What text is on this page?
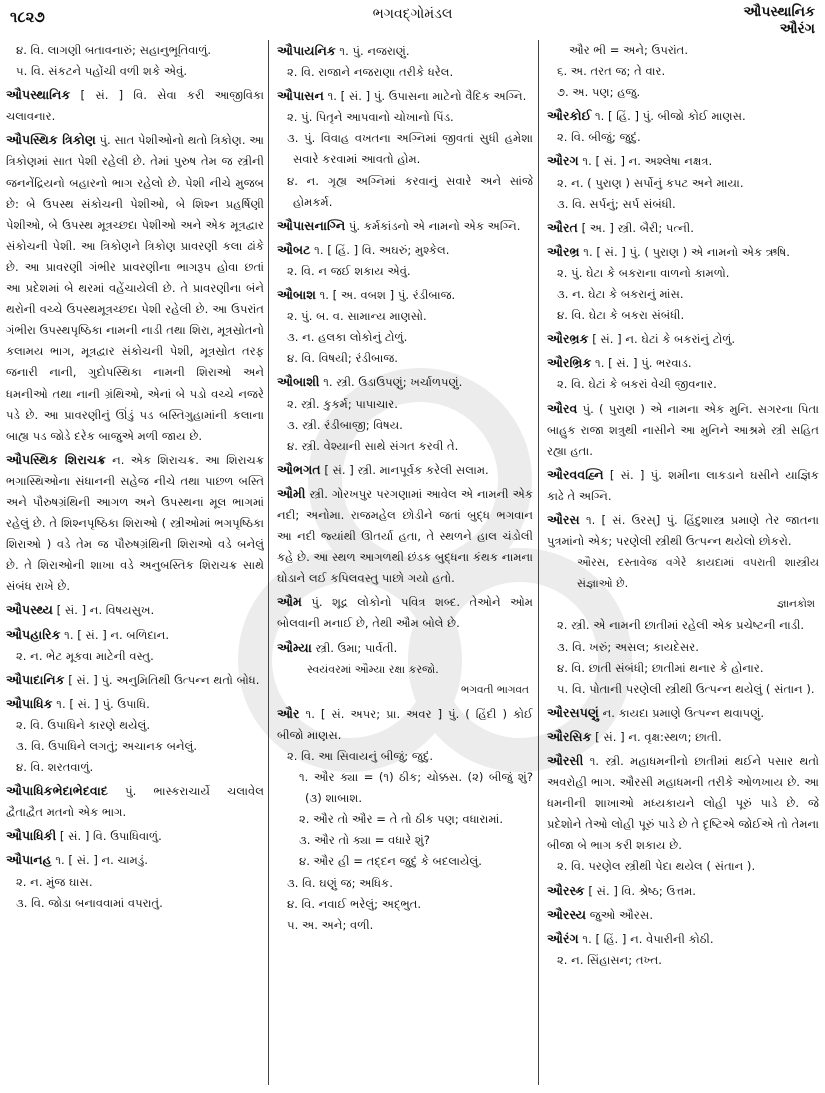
૧૮૨૭	ભગવદ્ગોમંડલ	ઔપસ્થાનિક
ઔરંગ

૪. વિ. લાગણી બતાવનારું; સહાનુભૂતિવાળું.

૫. વિ. સંકટને પહોંચી વળી શકે એવું.

ઔપસ્થાનિક [ સં. ] વિ. સેવા કરી આજીવિકા ચલાવનાર.

ઔપસ્થિક ત્રિકોણ પું. સાત પેશીઓનો થતો ત્રિકોણ. આ ત્રિકોણમાં સાત પેશી રહેલી છે. તેમાં પુરુષ તેમ જ સ્ત્રીની જનનેંદ્રિયનો બહારનો ભાગ રહેલો છે. પેશી નીચે મુજબ છે: બે ઉપસ્થ સંકોચની પેશીઓ, બે શિશ્ન પ્રહર્ષિણી પેશીઓ, બે ઉપસ્થ મૂત્રચ્છદા પેશીઓ અને એક મૂત્રદ્વાર સંકોચની પેશી. આ ત્રિકોણને ત્રિકોણ પ્રાવરણી કલા ઢાંકે છે. આ પ્રાવરણી ગંભીર પ્રાવરણીના ભાગરૂપ હોવા છતાં આ પ્રદેશમાં બે થરમાં વહેંચાયેલી છે. તે પ્રાવરણીના બંને થરોની વચ્ચે ઉપસ્થમૂત્રચ્છદા પેશી રહેલી છે. આ ઉપરાંત ગંભીરા ઉપસ્થપૃષ્ઠિકા નામની નાડી તથા શિરા, મૂત્રસ્રોતનો કલામય ભાગ, મૂત્રદ્વાર સંકોચની પેશી, મૂત્રસ્રોત તરફ જનારી નાની, ગુદોપસ્થિકા નામની શિરાઓ અને ધમનીઓ તથા નાની ગ્રંથિઓ, એનાં બે પડો વચ્ચે નજરે પડે છે. આ પ્રાવરણીનું ઊંડું પડ બસ્તિગુહામાંની કલાના બાહ્ય પડ જોડે દરેક બાજુએ મળી જાય છે.

ઔપસ્થિક શિરાચક્ર ન. એક શિરાચક્ર. આ શિરાચક્ર ભગાસ્થિઓના સંધાનની સહેજ નીચે તથા પાછળ બસ્તિ અને પૌરુષગ્રંથિની આગળ અને ઉપસ્થના મૂલ ભાગમાં રહેલું છે. તે શિશ્નપૃષ્ઠિકા શિરાઓ ( સ્ત્રીઓમાં ભગપૃષ્ઠિકા શિરાઓ ) વડે તેમ જ પૌરુષગ્રંથિની શિરાઓ વડે બનેલું છે. તે શિરાઓની શાખા વડે અનુબસ્તિક શિરાચક્ર સાથે સંબંધ રાખે છે.

ઔપસ્થ્ય [ સં. ] ન. વિષયસુખ.

ઔપહારિક ૧. [ સં. ] ન. બળિદાન.

૨. ન. ભેટ મૂકવા માટેની વસ્તુ.

ઔપાદાનિક [ સં. ] પું. અનુમિતિથી ઉત્પન્ન થતો બોધ.

ઔપાધિક ૧. [ સં. ] પું. ઉપાધિ.

૨. વિ. ઉપાધિને કારણે થયેલું.

૩. વિ. ઉપાધિને લગતું; અચાનક બનેલું.

૪. વિ. શરતવાળું.

ઔપાધિકભેદાભેદવાદ પું. ભાસ્કરાચાર્યે ચલાવેલ દ્વૈતાદ્વૈત મતનો એક ભાગ.

ઔપાધિકી [ સં. ] વિ. ઉપાધિવાળું.

ઔપાનહ ૧. [ સં. ] ન. ચામડું.

૨. ન. મુંજ ઘાસ.

૩. વિ. જોડા બનાવવામાં વપરાતું.

ઔપાયનિક ૧. પું. નજરાણું.

૨. વિ. રાજાને નજરાણા તરીકે ધરેલ.

ઔપાસન ૧. [ સં. ] પું. ઉપાસના માટેનો વૈદિક અગ્નિ.

૨. પું. પિતૃને આપવાનો ચોખાનો પિંડ.

૩. પું. વિવાહ વખતના અગ્નિમાં જીવતાં સુધી હમેશા સવારે કરવામાં આવતો હોમ.

૪. ન. ગૃહ્ય અગ્નિમાં કરવાનું સવારે અને સાંજે હોમકર્મ.

ઔપાસનાગ્નિ પું. કર્મકાંડનો એ નામનો એક અગ્નિ.

ઔબટ ૧. [ હિં. ] વિ. અઘરું; મુશ્કેલ.

૨. વિ. ન જઈ શકાય એવું.

ઔબાશ ૧. [ અ. વબશ ] પું. રંડીબાજ.

૨. પું. બ. વ. સામાન્ય માણસો.

૩. ન. હલકા લોકોનું ટોળું.

૪. વિ. વિષયી; રંડીબાજ.

ઔબાશી ૧. સ્ત્રી. ઉડાઉપણું; ખર્ચાળપણું.

૨. સ્ત્રી. કુકર્મ; પાપાચાર.

૩. સ્ત્રી. રંડીબાજી; વિષય.

૪. સ્ત્રી. વેશ્યાની સાથે સંગત કરવી તે.

ઔભગત [ સં. ] સ્ત્રી. માનપૂર્વક કરેલી સલામ.

ઔમી સ્ત્રી. ગોરખપુર પરગણામાં આવેલ એ નામની એક નદી; અનોમા. રાજમહેલ છોડીને જતાં બુદ્ધ ભગવાન આ નદી જ્યાંથી ઊતર્યા હતા, તે સ્થળને હાલ ચંડોલી કહે છે. આ સ્થળ આગળથી છંડક બુદ્ધના કંથક નામના ઘોડાને લઈ કપિલવસ્તુ પાછો ગયો હતો.

ઔમ પું. શૂદ્ર લોકોનો પવિત્ર શબ્દ. તેઓને ઓમ બોલવાની મનાઈ છે, તેથી ઔમ બોલે છે.

ઔમ્યા સ્ત્રી. ઉમા; પાર્વતી.

સ્વયંવરમાં ઔમ્યા રક્ષા કરજો.

ભગવતી ભાગવત

ઔર ૧. [ સં. અપર; પ્રા. અવર ] પું. ( હિંદી ) કોઈ બીજો માણસ.

૨. વિ. આ સિવાયનું બીજું; જુદું.

૧. ઔર ક્યા = (૧) ઠીક; ચોક્કસ. (૨) બીજું શું? (૩) શાબાશ.

૨. ઔર તો ઔર = તે તો ઠીક પણ; વધારામાં.

૩. ઔર તો ક્યા = વધારે શું?

૪. ઔર હી = તદ્દન જુદું કે બદલાયેલું.

૩. વિ. ઘણું જ; અધિક.

૪. વિ. નવાઈ ભરેલું; અદ્ભુત.

૫. અ. અને; વળી.

ઔર ભી = અને; ઉપરાંત.

૬. અ. તરત જ; તે વાર.

૭. અ. પણ; હજુ.

ઔરકોઈ ૧. [ હિં. ] પું. બીજો કોઈ માણસ.

૨. વિ. બીજું; જુદું.

ઔરગ ૧. [ સં. ] ન. અશ્લેષા નક્ષત્ર.

૨. ન. ( પુરાણ ) સર્પોનું કપટ અને માયા.

૩. વિ. સર્પનું; સર્પ સંબંધી.

ઔરત [ અ. ] સ્ત્રી. બૈરી; પત્ની.

ઔરભ્ર ૧. [ સં. ] પું. ( પુરાણ ) એ નામનો એક ઋષિ.

૨. પું. ઘેટા કે બકરાના વાળનો કામળો.

૩. ન. ઘેટા કે બકરાનું માંસ.

૪. વિ. ઘેટા કે બકરા સંબંધી.

ઔરભ્રક [ સં. ] ન. ઘેટાં કે બકરાંનું ટોળું.

ઔરભ્રિક ૧. [ સં. ] પું. ભરવાડ.

૨. વિ. ઘેટાં કે બકરાં વેચી જીવનાર.

ઔરવ પું. ( પુરાણ ) એ નામના એક મુનિ. સગરના પિતા બાહુક રાજા શત્રુથી નાસીને આ મુનિને આશ્રમે સ્ત્રી સહિત રહ્યા હતા.

ઔરવવહ્નિ [ સં. ] પું. શમીના લાકડાને ઘસીને યાજ્ઞિક કાઢે તે અગ્નિ.

ઔરસ ૧. [ સં. ઉરસ્] પું. હિંદુશાસ્ત્ર પ્રમાણે તેર જાતના પુત્રમાંનો એક; પરણેલી સ્ત્રીથી ઉત્પન્ન થયેલો છોકરો.

ઔરસ, દસ્તાવેજ વગેરે કાયદામાં વપરાતી શાસ્ત્રીય સંજ્ઞાઓ છે.

જ્ઞાનકોશ

૨. સ્ત્રી. એ નામની છાતીમાં રહેલી એક પ્રચેષ્ટની નાડી.

૩. વિ. ખરું; અસલ; કાયદેસર.

૪. વિ. છાતી સંબંધી; છાતીમાં થનાર કે હોનાર.

૫. વિ. પોતાની પરણેલી સ્ત્રીથી ઉત્પન્ન થયેલું ( સંતાન ).

ઔરસપણું ન. કાયદા પ્રમાણે ઉત્પન્ન થવાપણું.

ઔરસિક [ સં. ] ન. વૃક્ષ:સ્થળ; છાતી.

ઔરસી ૧. સ્ત્રી. મહાધમનીનો છાતીમાં થઈને પસાર થતો અવરોહી ભાગ. ઔરસી મહાધમની તરીકે ઓળખાય છે. આ ધમનીની શાખાઓ મધ્યકાયને લોહી પૂરું પાડે છે. જે પ્રદેશોને તેઓ લોહી પૂરું પાડે છે તે દૃષ્ટિએ જોઈએ તો તેમના બીજા બે ભાગ કરી શકાય છે.

૨. વિ. પરણેલ સ્ત્રીથી પેદા થયેલ ( સંતાન ).

ઔરસ્ક [ સં. ] વિ. શ્રેષ્ઠ; ઉત્તમ.

ઔરસ્ય જુઓ ઔરસ.

ઔરંગ ૧. [ હિં. ] ન. વેપારીની કોઠી.

૨. ન. સિંહાસન; તખ્ત.
